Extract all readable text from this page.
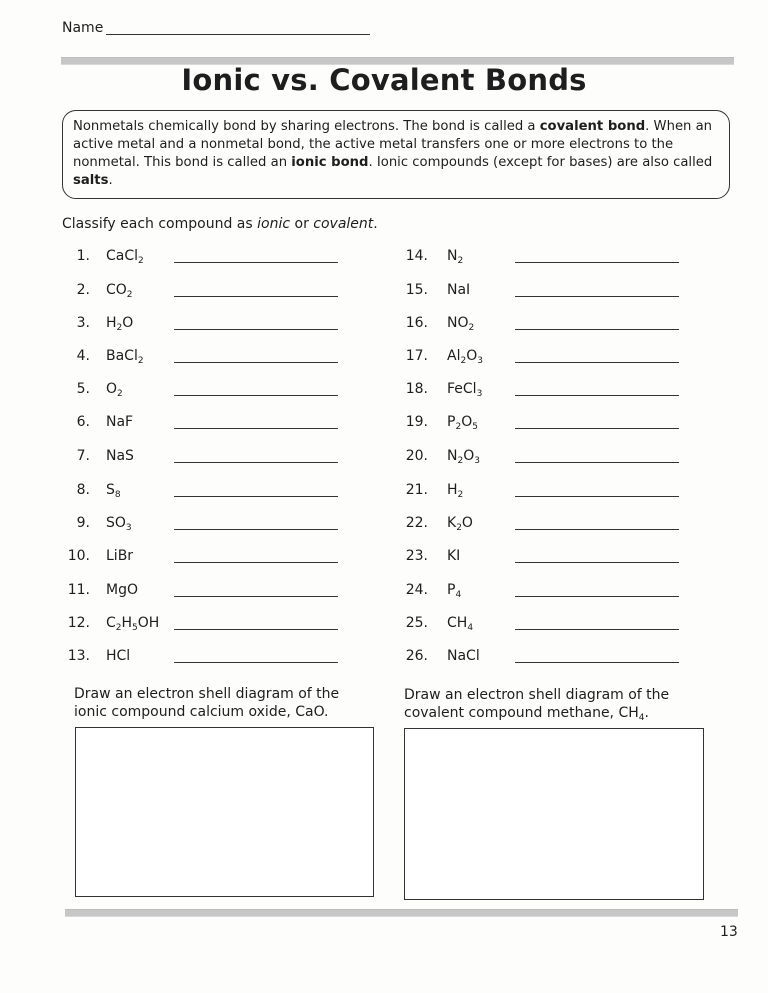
Name
Ionic vs. Covalent Bonds
Nonmetals chemically bond by sharing electrons. The bond is called a covalent bond. When an active metal and a nonmetal bond, the active metal transfers one or more electrons to the nonmetal. This bond is called an ionic bond. Ionic compounds (except for bases) are also called salts.
Classify each compound as ionic or covalent.
1. CaCl$_2$
2. $CO_2$
3. $H_2O$
4. BaCl$_2$
5. $O_2$
6. NaF
7. NaS
8. $S_8$
9. $SO_3$
10. LiBr
11. MgO
12. $C_2H_5OH$
13. HCl
14. $N_2$
15. NaI
16. $NO_2$
17. $Al_2O_3$
18. FeCl$_3$
19. $P_2O_5$
20. $N_2O_3$
21. $H_2$
22. $K_2O$
23. KI
24. $P_4$
25. $CH_4$
26. NaCl
Draw an electron shell diagram of the
ionic compound calcium oxide, CaO.
Draw an electron shell diagram of the
covalent compound methane, $CH_4$.
13
